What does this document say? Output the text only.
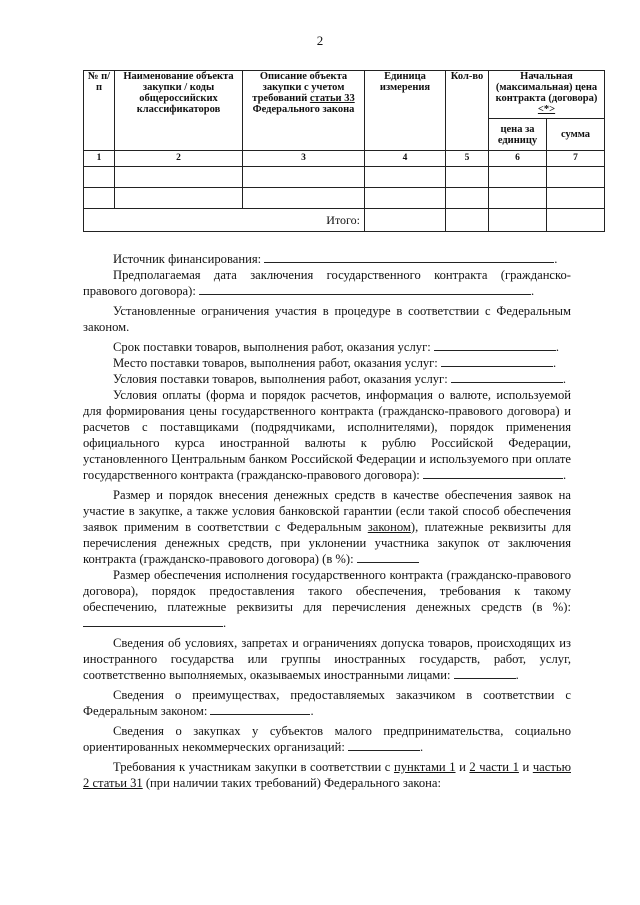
2
№ п/п	Наименование объекта закупки / коды общероссийских классификаторов	Описание объекта закупки с учетом требований статьи 33 Федерального закона	Единица измерения	Кол-во	Начальная (максимальная) цена контракта (договора) <*>	
					цена за единицу	сумма
1	2	3	4	5	6	7

Итого:						

Источник финансирования:	.

Предполагаемая дата заключения государственного контракта (гражданско-правового договора):	.

Установленные ограничения участия в процедуре в соответствии с Федеральным законом.

Срок поставки товаров, выполнения работ, оказания услуг:	.

Место поставки товаров, выполнения работ, оказания услуг:	.

Условия поставки товаров, выполнения работ, оказания услуг:	.

Условия оплаты (форма и порядок расчетов, информация о валюте, используемой для формирования цены государственного контракта (гражданско-правового договора) и расчетов с поставщиками (подрядчиками, исполнителями), порядок применения официального курса иностранной валюты к рублю Российской Федерации, установленного Центральным банком Российской Федерации и используемого при оплате государственного контракта (гражданско-правового договора):	.

Размер и порядок внесения денежных средств в качестве обеспечения заявок на участие в закупке, а также условия банковской гарантии (если такой способ обеспечения заявок применим в соответствии с Федеральным законом), платежные реквизиты для перечисления денежных средств, при уклонении участника закупок от заключения контракта (гражданско-правового договора) (в %):

Размер обеспечения исполнения государственного контракта (гражданско-правового договора), порядок предоставления такого обеспечения, требования к такому обеспечению, платежные реквизиты для перечисления денежных средств (в %): .

Сведения об условиях, запретах и ограничениях допуска товаров, происходящих из иностранного государства или группы иностранных государств, работ, услуг, соответственно выполняемых, оказываемых иностранными лицами:	.

Сведения о преимуществах, предоставляемых заказчиком в соответствии с Федеральным законом:	.

Сведения о закупках у субъектов малого предпринимательства, социально ориентированных некоммерческих организаций:	.

Требования к участникам закупки в соответствии с пунктами 1 и 2 части 1 и частью 2 статьи 31 (при наличии таких требований) Федерального закона:
